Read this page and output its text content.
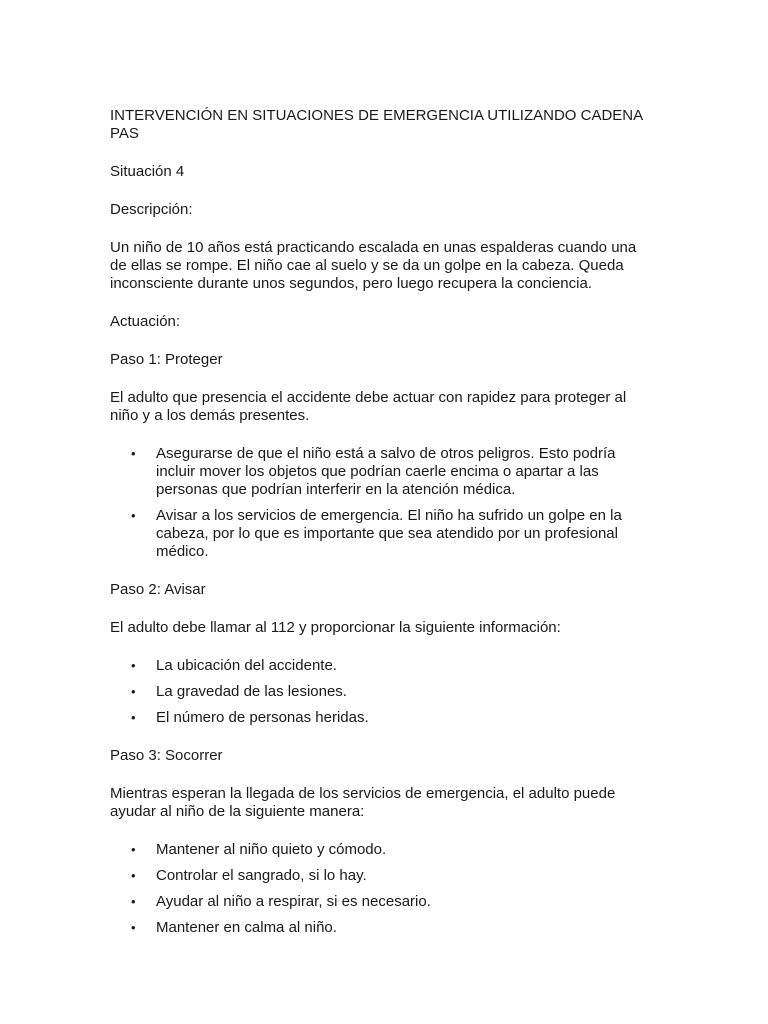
INTERVENCIÓN EN SITUACIONES DE EMERGENCIA UTILIZANDO CADENA PAS

Situación 4

Descripción:

Un niño de 10 años está practicando escalada en unas espalderas cuando una de ellas se rompe. El niño cae al suelo y se da un golpe en la cabeza. Queda inconsciente durante unos segundos, pero luego recupera la conciencia.

Actuación:

Paso 1: Proteger

El adulto que presencia el accidente debe actuar con rapidez para proteger al niño y a los demás presentes.

• Asegurarse de que el niño está a salvo de otros peligros. Esto podría incluir mover los objetos que podrían caerle encima o apartar a las personas que podrían interferir en la atención médica.
• Avisar a los servicios de emergencia. El niño ha sufrido un golpe en la cabeza, por lo que es importante que sea atendido por un profesional médico.

Paso 2: Avisar

El adulto debe llamar al 112 y proporcionar la siguiente información:

• La ubicación del accidente.
• La gravedad de las lesiones.
• El número de personas heridas.

Paso 3: Socorrer

Mientras esperan la llegada de los servicios de emergencia, el adulto puede ayudar al niño de la siguiente manera:

• Mantener al niño quieto y cómodo.
• Controlar el sangrado, si lo hay.
• Ayudar al niño a respirar, si es necesario.
• Mantener en calma al niño.
